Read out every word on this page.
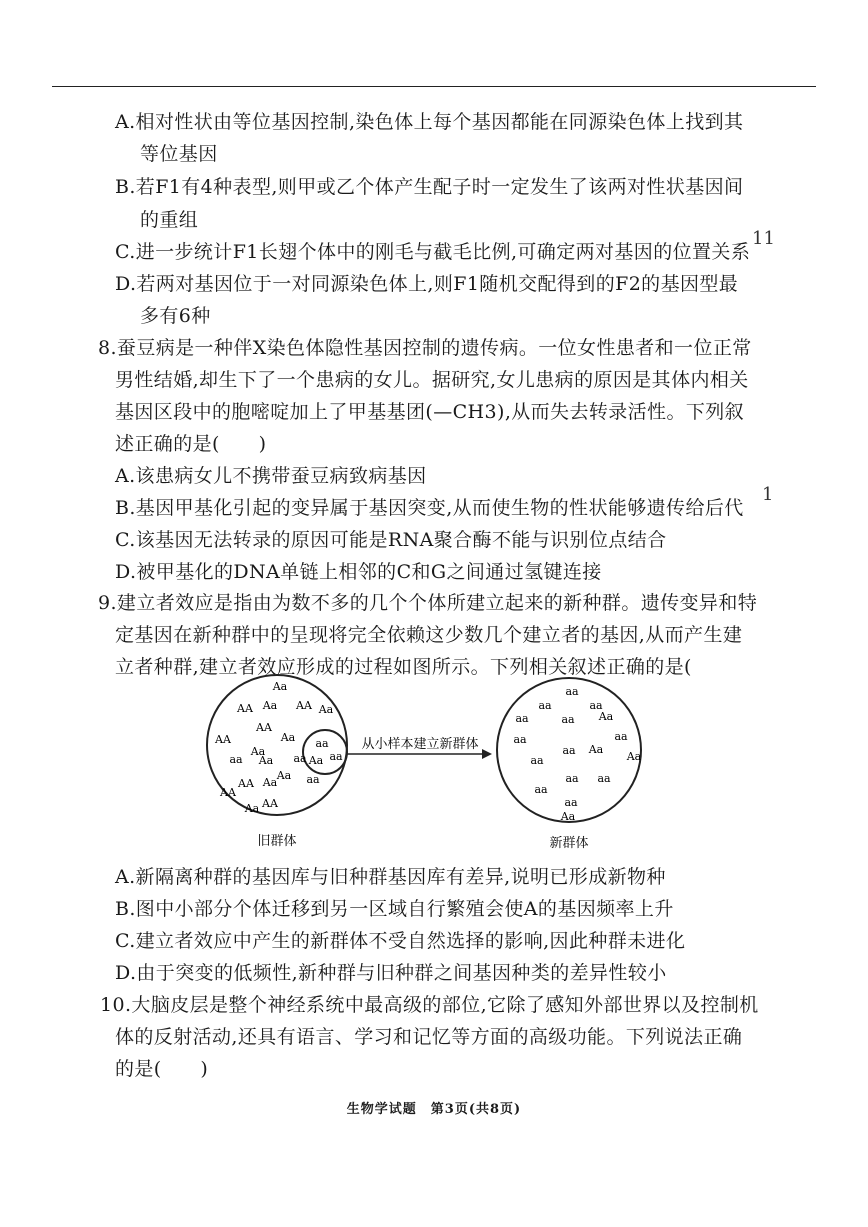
A.相对性状由等位基因控制,染色体上每个基因都能在同源染色体上找到其
等位基因
B.若F1有4种表型,则甲或乙个体产生配子时一定发生了该两对性状基因间
的重组
C.进一步统计F1长翅个体中的刚毛与截毛比例,可确定两对基因的位置关系
D.若两对基因位于一对同源染色体上,则F1随机交配得到的F2的基因型最
多有6种
8.蚕豆病是一种伴X染色体隐性基因控制的遗传病。一位女性患者和一位正常
男性结婚,却生下了一个患病的女儿。据研究,女儿患病的原因是其体内相关
基因区段中的胞嘧啶加上了甲基基团(—CH3),从而失去转录活性。下列叙
述正确的是(　　)
A.该患病女儿不携带蚕豆病致病基因
B.基因甲基化引起的变异属于基因突变,从而使生物的性状能够遗传给后代
C.该基因无法转录的原因可能是RNA聚合酶不能与识别位点结合
D.被甲基化的DNA单链上相邻的C和G之间通过氢键连接
9.建立者效应是指由为数不多的几个个体所建立起来的新种群。遗传变异和特
定基因在新种群中的呈现将完全依赖这少数几个建立者的基因,从而产生建
立者种群,建立者效应形成的过程如图所示。下列相关叙述正确的是(
A.新隔离种群的基因库与旧种群基因库有差异,说明已形成新物种
B.图中小部分个体迁移到另一区域自行繁殖会使A的基因频率上升
C.建立者效应中产生的新群体不受自然选择的影响,因此种群未进化
D.由于突变的低频性,新种群与旧种群之间基因种类的差异性较小
10.大脑皮层是整个神经系统中最高级的部位,它除了感知外部世界以及控制机
体的反射活动,还具有语言、学习和记忆等方面的高级功能。下列说法正确
的是(　　)
11
1
从小样本建立新群体
旧群体	新群体
Aa
AA Aa AA Aa
AA
AA
Aa
Aa
aa Aa aa
Aa
AA Aa	aa
AA
AA
Aa
aa
Aa aa
aa
aa	aa
aa	aa Aa
aa	aa
aa
aa Aa
Aa
aa
aa aa
aa
Aa
生物学试题　第3页(共8页)
